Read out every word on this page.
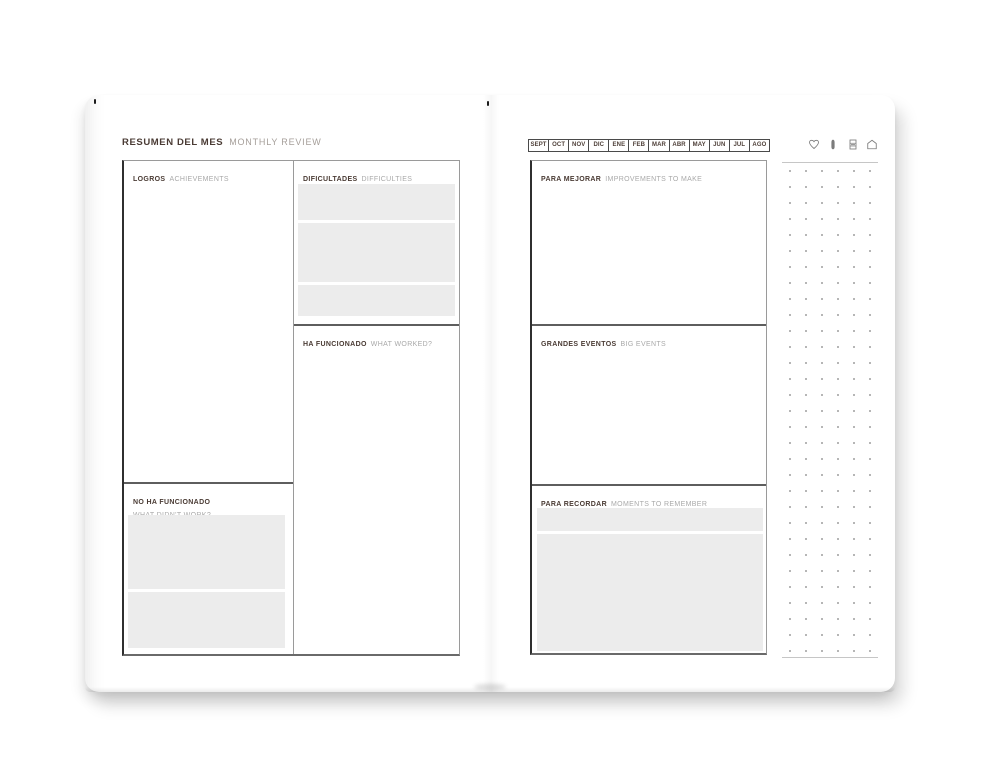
RESUMEN DEL MES MONTHLY REVIEW
LOGROS ACHIEVEMENTS
NO HA FUNCIONADO
DIFICULTADES DIFFICULTIES
HA FUNCIONADO WHAT WORKED?
SEPT OCT	NOV	DIC	ENE	FEB	MAR	ABR	MAY	JUN	JUL	AGO
PARA MEJORAR IMPROVEMENTS TO MAKE
GRANDES EVENTOS BIG EVENTS
PARA RECORDAR MOMENTS TO REMEMBER
